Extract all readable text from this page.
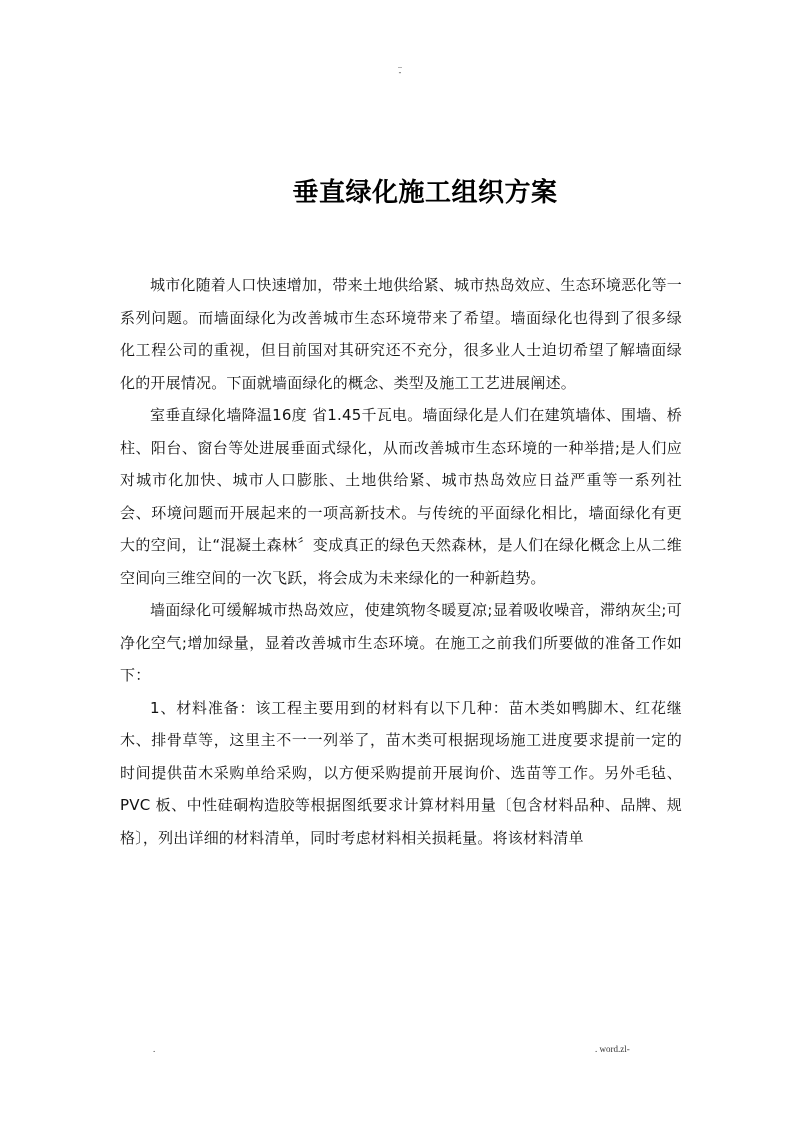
..
-
垂直绿化施工组织方案

城市化随着人口快速增加，带来土地供给紧、城市热岛效应、生态环境恶化等一系列问题。而墙面绿化为改善城市生态环境带来了希望。墙面绿化也得到了很多绿化工程公司的重视，但目前国对其研究还不充分，很多业人士迫切希望了解墙面绿化的开展情况。下面就墙面绿化的概念、类型及施工工艺进展阐述。

室垂直绿化墙降温16度 省1.45千瓦电。墙面绿化是人们在建筑墙体、围墙、桥柱、阳台、窗台等处进展垂面式绿化，从而改善城市生态环境的一种举措;是人们应对城市化加快、城市人口膨胀、土地供给紧、城市热岛效应日益严重等一系列社会、环境问题而开展起来的一项高新技术。与传统的平面绿化相比，墙面绿化有更大的空间，让“混凝土森林〞变成真正的绿色天然森林，是人们在绿化概念上从二维空间向三维空间的一次飞跃，将会成为未来绿化的一种新趋势。

墙面绿化可缓解城市热岛效应，使建筑物冬暖夏凉;显着吸收噪音，滞纳灰尘;可净化空气;增加绿量，显着改善城市生态环境。在施工之前我们所要做的准备工作如下：

1、材料准备：该工程主要用到的材料有以下几种：苗木类如鸭脚木、红花继木、排骨草等，这里主不一一列举了，苗木类可根据现场施工进度要求提前一定的时间提供苗木采购单给采购，以方便采购提前开展询价、选苗等工作。另外毛毡、PVC 板、中性硅硐构造胶等根据图纸要求计算材料用量〔包含材料品种、品牌、规格〕，列出详细的材料清单，同时考虑材料相关损耗量。将该材料清单

.	. word.zl-
